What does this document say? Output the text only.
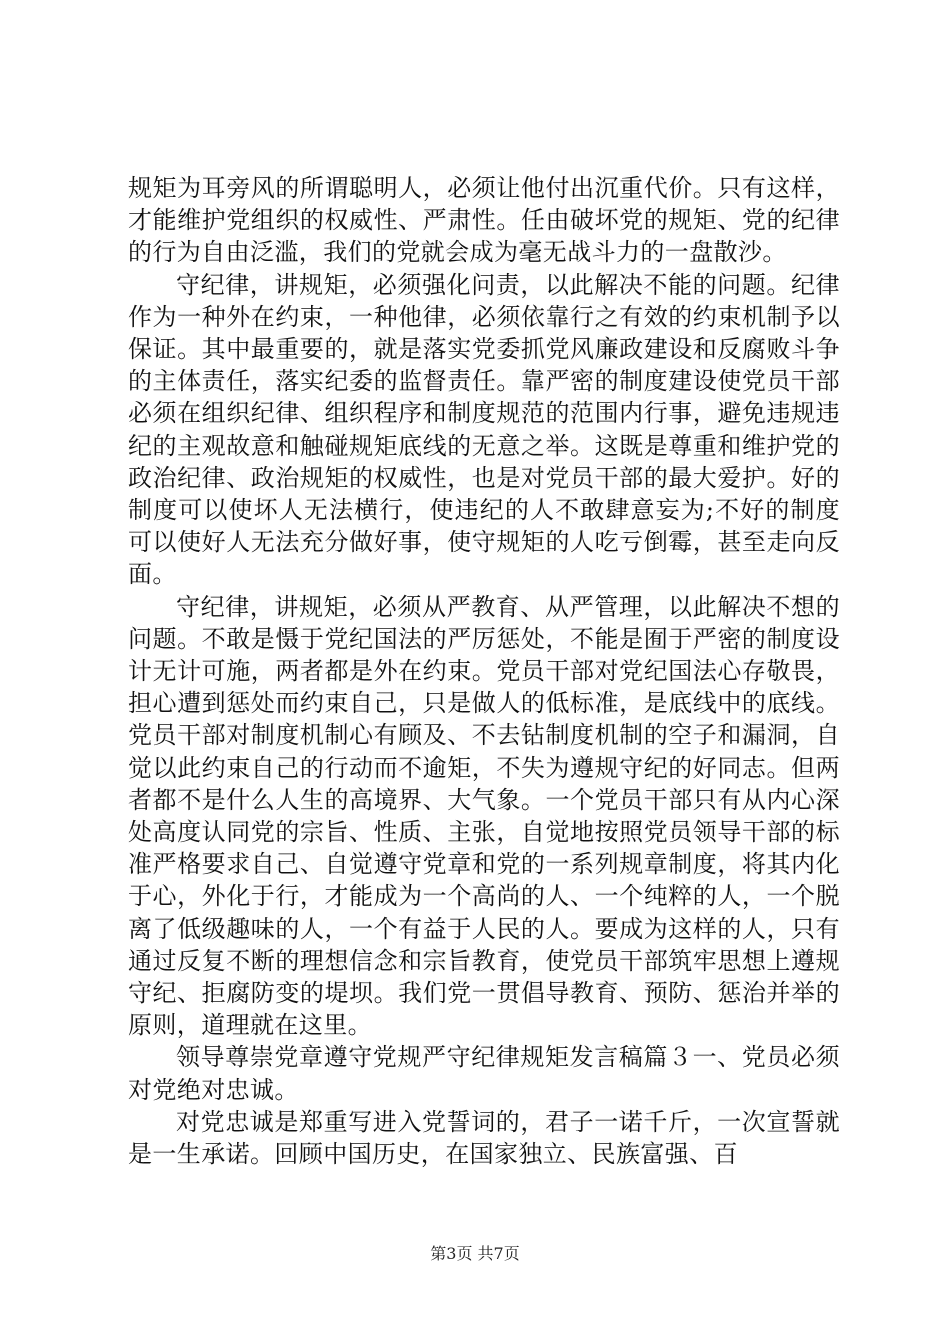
规矩为耳旁风的所谓聪明人，必须让他付出沉重代价。只有这样，才能维护党组织的权威性、严肃性。任由破坏党的规矩、党的纪律的行为自由泛滥，我们的党就会成为毫无战斗力的一盘散沙。

守纪律，讲规矩，必须强化问责，以此解决不能的问题。纪律作为一种外在约束，一种他律，必须依靠行之有效的约束机制予以保证。其中最重要的，就是落实党委抓党风廉政建设和反腐败斗争的主体责任，落实纪委的监督责任。靠严密的制度建设使党员干部必须在组织纪律、组织程序和制度规范的范围内行事，避免违规违纪的主观故意和触碰规矩底线的无意之举。这既是尊重和维护党的政治纪律、政治规矩的权威性，也是对党员干部的最大爱护。好的制度可以使坏人无法横行，使违纪的人不敢肆意妄为;不好的制度可以使好人无法充分做好事，使守规矩的人吃亏倒霉，甚至走向反面。

守纪律，讲规矩，必须从严教育、从严管理，以此解决不想的问题。不敢是慑于党纪国法的严厉惩处，不能是囿于严密的制度设计无计可施，两者都是外在约束。党员干部对党纪国法心存敬畏，担心遭到惩处而约束自己，只是做人的低标准，是底线中的底线。党员干部对制度机制心有顾及、不去钻制度机制的空子和漏洞，自觉以此约束自己的行动而不逾矩，不失为遵规守纪的好同志。但两者都不是什么人生的高境界、大气象。一个党员干部只有从内心深处高度认同党的宗旨、性质、主张，自觉地按照党员领导干部的标准严格要求自己、自觉遵守党章和党的一系列规章制度，将其内化于心，外化于行，才能成为一个高尚的人、一个纯粹的人，一个脱离了低级趣味的人，一个有益于人民的人。要成为这样的人，只有通过反复不断的理想信念和宗旨教育，使党员干部筑牢思想上遵规守纪、拒腐防变的堤坝。我们党一贯倡导教育、预防、惩治并举的原则，道理就在这里。

领导尊崇党章遵守党规严守纪律规矩发言稿篇３一、党员必须对党绝对忠诚。

对党忠诚是郑重写进入党誓词的，君子一诺千斤，一次宣誓就是一生承诺。回顾中国历史，在国家独立、民族富强、百

第3页 共7页
